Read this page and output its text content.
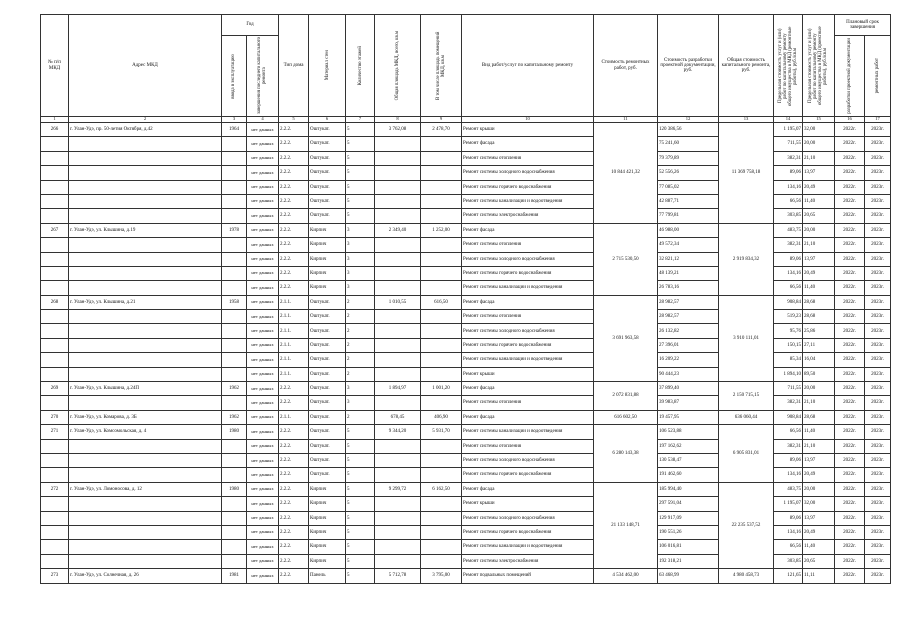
№ п/п МКД	Адрес МКД	Год		Тип дома	Материал стен	Количество этажей	Общая площадь МКД, всего, кв.м	В том числе площадь помещений МКД, кв.м	Вид работ/услуг по капитальному ремонту	Стоимость ремонтных работ, руб.	Стоимость разработки проектной документации, руб.	Общая стоимость капитального ремонта, руб.	Предельная стоимость услуг и (или) работ по капитальному ремонту общего имущества в МКД (ремонтные работы), руб./кв.м	Предельная стоимость услуг и (или) работ по капитальному ремонту общего имущества в МКД (проектные работы), руб./кв.м	Плановый срок завершения	

		ввода в эксплуатацию	завершения последнего капитального ремонта												разработки проектной документации	ремонтных работ

1	2	3	4	5	6	7	8	9	10	11	12	13	14	15	16	17
266	г. Улан-Удэ, пр. 50-летия Октября, д.42	1964	нет данных	2.2.2.	Оштукат.	5	3 762,08	2 478,70	Ремонт крыши	10 844 421,32	120 386,56	11 369 758,18	1 195,07	32,00	2022г.	2023г.
			нет данных	2.2.2.	Оштукат.	5			Ремонт фасада		75 241,60		711,55	20,00	2022г.	2023г.
			нет данных	2.2.2.	Оштукат.	5			Ремонт системы отопления		79 379,89		382,31	21,10	2022г.	2023г.
			нет данных	2.2.2.	Оштукат.	5			Ремонт системы холодного водоснабжения		52 556,26		89,06	13,97	2022г.	2023г.
			нет данных	2.2.2.	Оштукат.	5			Ремонт системы горячего водоснабжения		77 085,02		134,16	20,49	2022г.	2023г.
			нет данных	2.2.2.	Оштукат.	5			Ремонт системы канализации и водоотведения		42 887,71		66,56	11,40	2022г.	2023г.
			нет данных	2.2.2.	Оштукат.	5			Ремонт системы электроснабжения		77 799,81		303,85	20,65	2022г.	2023г.
267	г. Улан-Удэ, ул. Клышина, д.19	1978	нет данных	2.2.2.	Кирпич	3	2 349,40	1 252,00	Ремонт фасада	2 715 530,50	46 988,00	2 919 834,32	483,75	20,00	2022г.	2023г.
			нет данных	2.2.2.	Кирпич	3			Ремонт системы отопления		49 572,34		382,31	21,10	2022г.	2023г.
			нет данных	2.2.2.	Кирпич	3			Ремонт системы холодного водоснабжения		32 821,12		89,06	13,97	2022г.	2023г.
			нет данных	2.2.2.	Кирпич	3			Ремонт системы горячего водоснабжения		48 139,21		134,16	20,49	2022г.	2023г.
			нет данных	2.2.2.	Кирпич	3			Ремонт системы канализации и водоотведения		26 783,16		66,56	11,40	2022г.	2023г.
268	г. Улан-Удэ, ул. Клышина, д.21	1958	нет данных	2.1.1.	Оштукат.	2	1 010,55	616,50	Ремонт фасада	3 691 963,58	28 982,57	3 910 111,01	908,84	28,68	2022г.	2023г.
			нет данных	2.1.1.	Оштукат.	2			Ремонт системы отопления		28 982,57		519,23	28,68	2022г.	2023г.
			нет данных	2.1.1.	Оштукат.	2			Ремонт системы холодного водоснабжения		26 132,82		95,76	25,86	2022г.	2023г.
			нет данных	2.1.1.	Оштукат.	2			Ремонт системы горячего водоснабжения		27 396,01		150,15	27,11	2022г.	2023г.
			нет данных	2.1.1.	Оштукат.	2			Ремонт системы канализации и водоотведения		16 209,22		85,34	16,04	2022г.	2023г.
			нет данных	2.1.1.	Оштукат.	2			Ремонт крыши		90 444,23		1 894,10	89,50	2022г.	2023г.
269	г. Улан-Удэ, ул. Клышина, д.24П	1962	нет данных	2.2.2.	Оштукат.	3	1 894,97	1 001,20	Ремонт фасада	2 072 831,88	37 899,40	2 150 715,15	711,55	20,00	2022г.	2023г.
			нет данных	2.2.2.	Оштукат.	3			Ремонт системы отопления		39 983,87		382,31	21,10	2022г.	2023г.
270	г. Улан-Удэ, ул. Комарова, д. 3Б	1962	нет данных	2.1.1.	Оштукат.	2	678,45	406,90	Ремонт фасада	616 602,50	19 457,95	636 060,44	908,84	28,68	2022г.	2023г.
271	г. Улан-Удэ, ул. Комсомольская, д. 4	1980	нет данных	2.2.2.	Оштукат.	5	9 344,20	5 931,70	Ремонт системы канализации и водоотведения	6 280 143,38	106 523,88	6 905 831,01	66,56	11,40	2022г.	2023г.
			нет данных	2.2.2.	Оштукат.	5			Ремонт системы отопления		197 162,62		382,31	21,10	2022г.	2023г.
			нет данных	2.2.2.	Оштукат.	5			Ремонт системы холодного водоснабжения		130 538,47		89,06	13,97	2022г.	2023г.
			нет данных	2.2.2.	Оштукат.	5			Ремонт системы горячего водоснабжения		191 462,60		134,16	20,49	2022г.	2023г.
272	г. Улан-Удэ, ул. Ломоносова, д. 12	1980	нет данных	2.2.2.	Кирпич	5	9 299,72	6 162,50	Ремонт фасада	21 133 148,71	185 994,40	22 235 537,52	483,75	20,00	2022г.	2023г.
			нет данных	2.2.2.	Кирпич	5			Ремонт крыши		297 591,04		1 195,07	32,00	2022г.	2023г.
			нет данных	2.2.2.	Кирпич	5			Ремонт системы холодного водоснабжения		129 917,09		89,06	13,97	2022г.	2023г.
			нет данных	2.2.2.	Кирпич	5			Ремонт системы горячего водоснабжения		190 551,26		134,16	20,49	2022г.	2023г.
			нет данных	2.2.2.	Кирпич	5			Ремонт системы канализации и водоотведения		106 016,81		66,56	11,40	2022г.	2023г.
			нет данных	2.2.2.	Кирпич	5			Ремонт системы электроснабжения		192 318,21		303,85	20,65	2022г.	2023г.
273	г. Улан-Удэ, ул. Солнечная, д. 26	1981	нет данных	2.2.2.	Панель	5	5 712,78	3 795,00	Ремонт подвальных помещений	4 534 462,00	63 468,99	4 980 458,73	121,65	11,11	2022г.	2023г.
